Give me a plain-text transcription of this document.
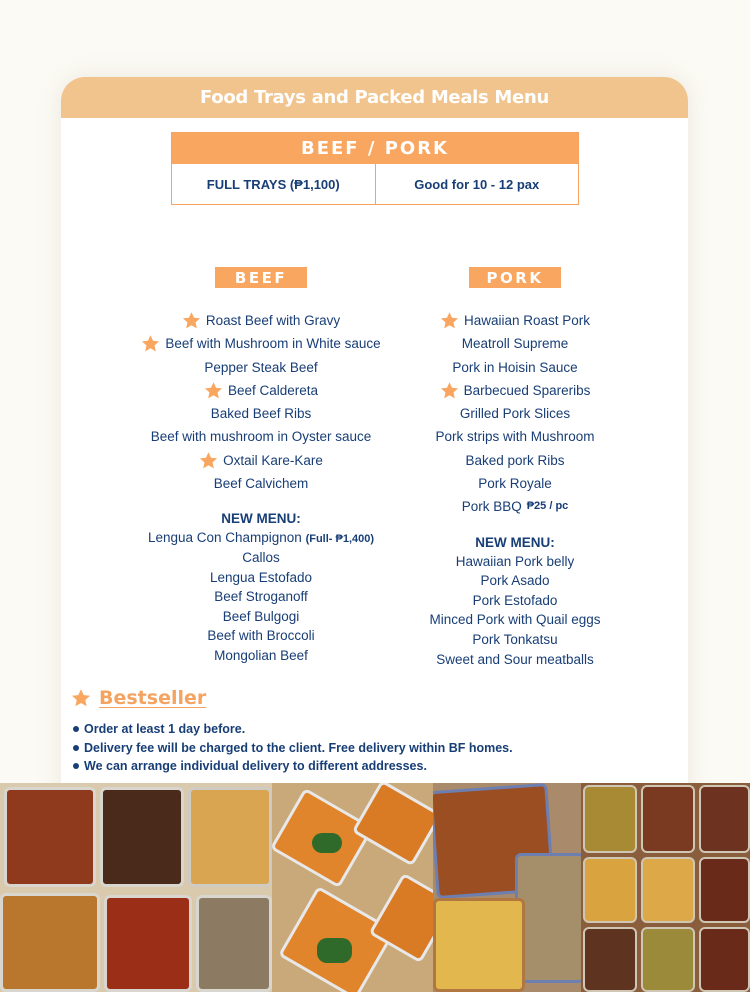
Food Trays and Packed Meals Menu
BEEF / PORK
FULL TRAYS (₱1,100)	Good for 10 - 12 pax
BEEF
Roast Beef with Gravy
Beef with Mushroom in White sauce
Pepper Steak Beef
Beef Caldereta
Baked Beef Ribs
Beef with mushroom in Oyster sauce
Oxtail Kare-Kare
Beef Calvichem
NEW MENU:
Lengua Con Champignon (Full- ₱1,400)
Callos
Lengua Estofado
Beef Stroganoff
Beef Bulgogi
Beef with Broccoli
Mongolian Beef
PORK
Hawaiian Roast Pork
Meatroll Supreme
Pork in Hoisin Sauce
Barbecued Spareribs
Grilled Pork Slices
Pork strips with Mushroom
Baked pork Ribs
Pork Royale
Pork BBQ ₱25 / pc
NEW MENU:
Hawaiian Pork belly
Pork Asado
Pork Estofado
Minced Pork with Quail eggs
Pork Tonkatsu
Sweet and Sour meatballs
Bestseller
Order at least 1 day before.
Delivery fee will be charged to the client. Free delivery within BF homes.
We can arrange individual delivery to different addresses.
